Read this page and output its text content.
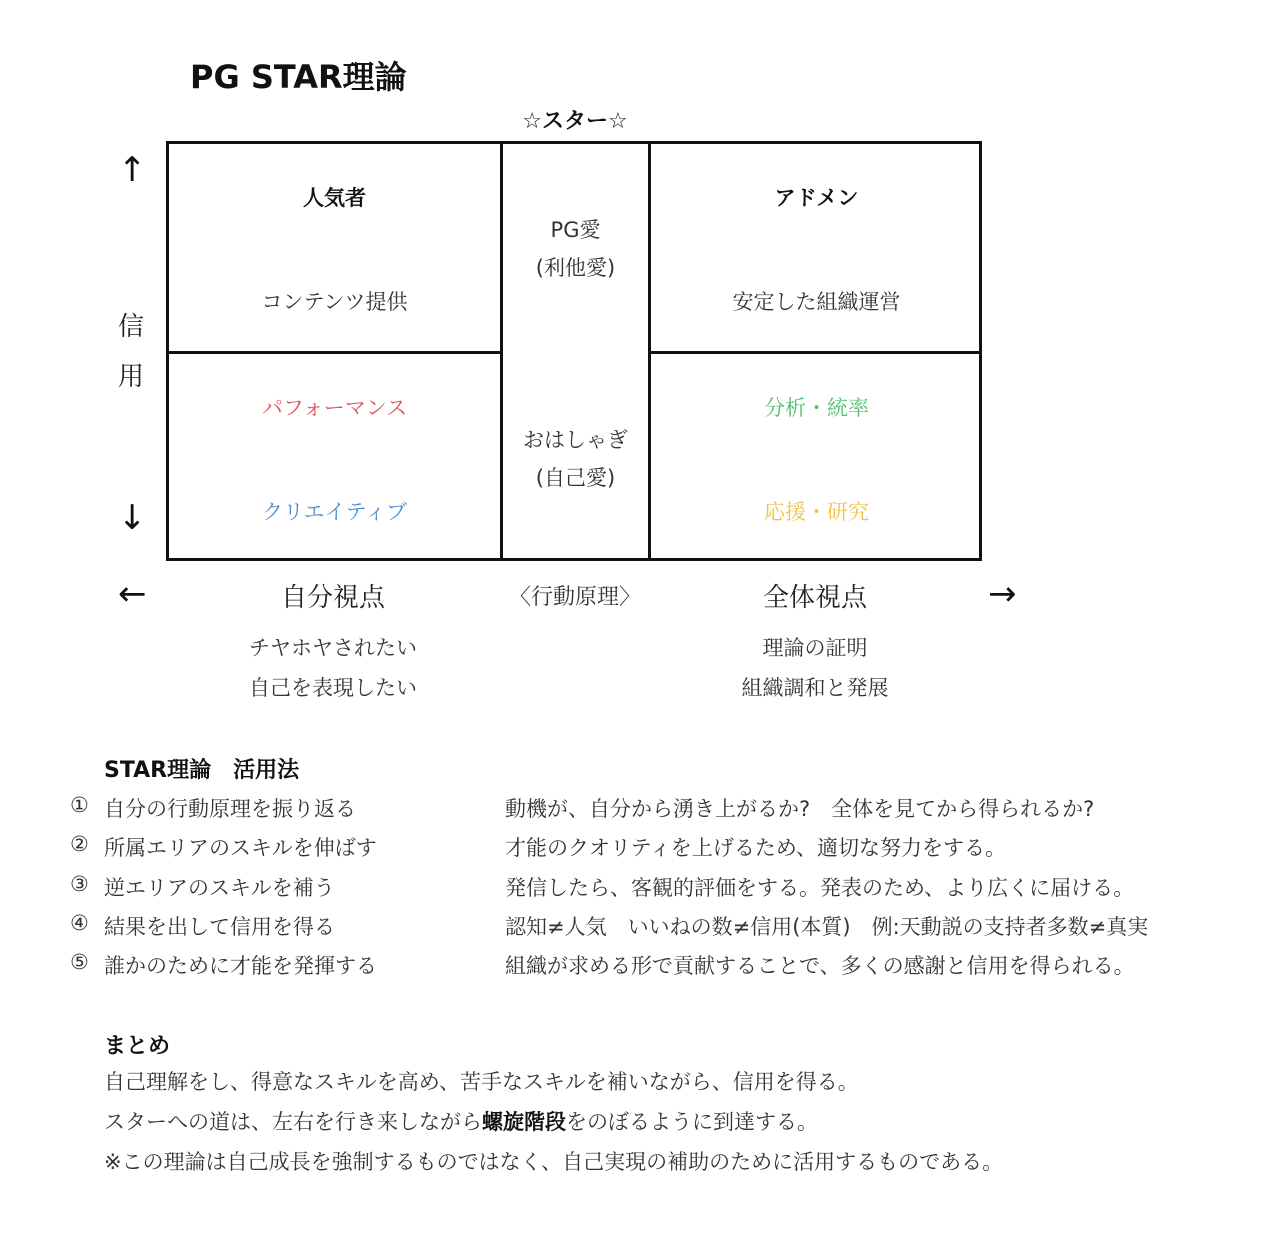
PG STAR理論
☆スター☆
↑
信
用
↓
人気者
コンテンツ提供
PG愛
(利他愛)
アドメン
安定した組織運営
パフォーマンス
クリエイティブ
おはしゃぎ
(自己愛)
分析・統率
応援・研究
←	自分視点	〈行動原理〉	全体視点	→
チヤホヤされたい
自己を表現したい
理論の証明
組織調和と発展
STAR理論　活用法
① 自分の行動原理を振り返る	動機が、自分から湧き上がるか?　全体を見てから得られるか?
② 所属エリアのスキルを伸ばす	才能のクオリティを上げるため、適切な努力をする。
③ 逆エリアのスキルを補う	発信したら、客観的評価をする。発表のため、より広くに届ける。
④ 結果を出して信用を得る	認知≠人気　いいねの数≠信用(本質)　例:天動説の支持者多数≠真実
⑤ 誰かのために才能を発揮する	組織が求める形で貢献することで、多くの感謝と信用を得られる。
まとめ
自己理解をし、得意なスキルを高め、苦手なスキルを補いながら、信用を得る。
スターへの道は、左右を行き来しながら螺旋階段をのぼるように到達する。
※この理論は自己成長を強制するものではなく、自己実現の補助のために活用するものである。
